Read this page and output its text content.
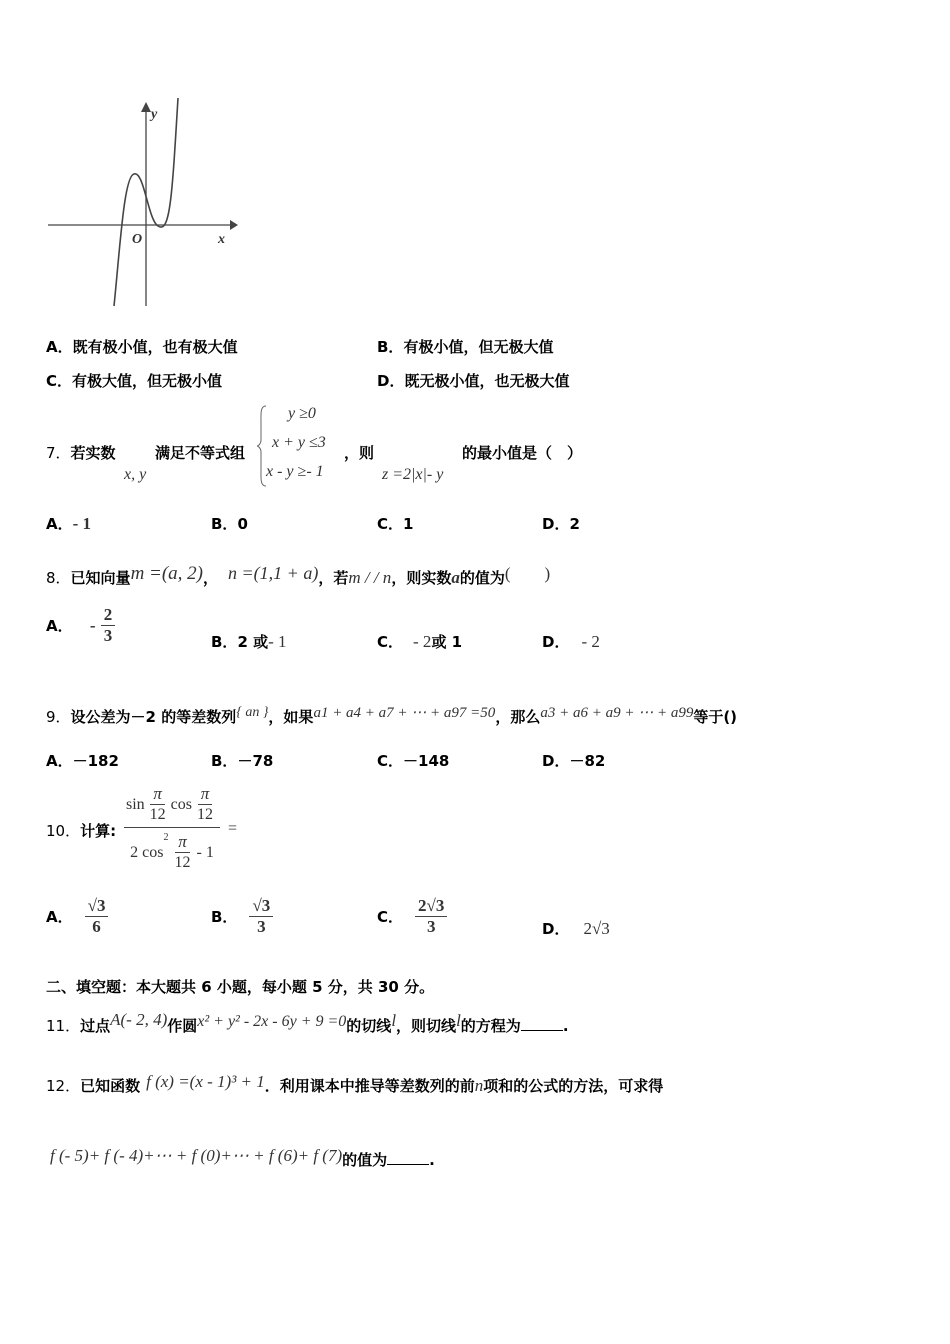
y
x
O
A．既有极小值，也有极大值	B．有极小值，但无极大值
C．有极大值，但无极小值	D．既无极小值，也无极大值
7．若实数
x, y
满足不等式组
y ≥0
x + y ≤3
x - y ≥- 1
，则
z =2|x|- y
的最小值是（　）
A．- 1	B．0	C．1	D．2
8．已知向量m =(a, 2)， n =(1,1 + a)，若m / / n，则实数a的值为(　　)
A． - $\frac{2}{3}$	B．2 或- 1	C． - 2或 1	D． - 2
9．设公差为－2 的等差数列{ an }，如果a1 + a4 + a7 + ⋯ + a97 =50，那么a3 + a6 + a9 + ⋯ + a99等于()
A．－182	B．－78	C．－148	D．－82
10．计算: $\sin \frac{\pi}{12}$ $\cos \frac{\pi}{12}$
2 cos
$2 \frac{\pi}{12} - 1$ =
A． $\frac{√3}{6}$	B． $\frac{√3}{3}$	C． $\frac{2√3}{3}$	D． 2√3
二、填空题：本大题共 6 小题，每小题 5 分，共 30 分。
11．过点A(- 2, 4)作圆x² + y² - 2x - 6y + 9 =0的切线l，则切线l的方程为	.
12．已知函数 f (x) =(x - 1)³ + 1．利用课本中推导等差数列的前n项和的公式的方法，可求得
f (- 5)+ f (- 4)+⋯ + f (0)+⋯ + f (6)+ f (7)的值为	.
